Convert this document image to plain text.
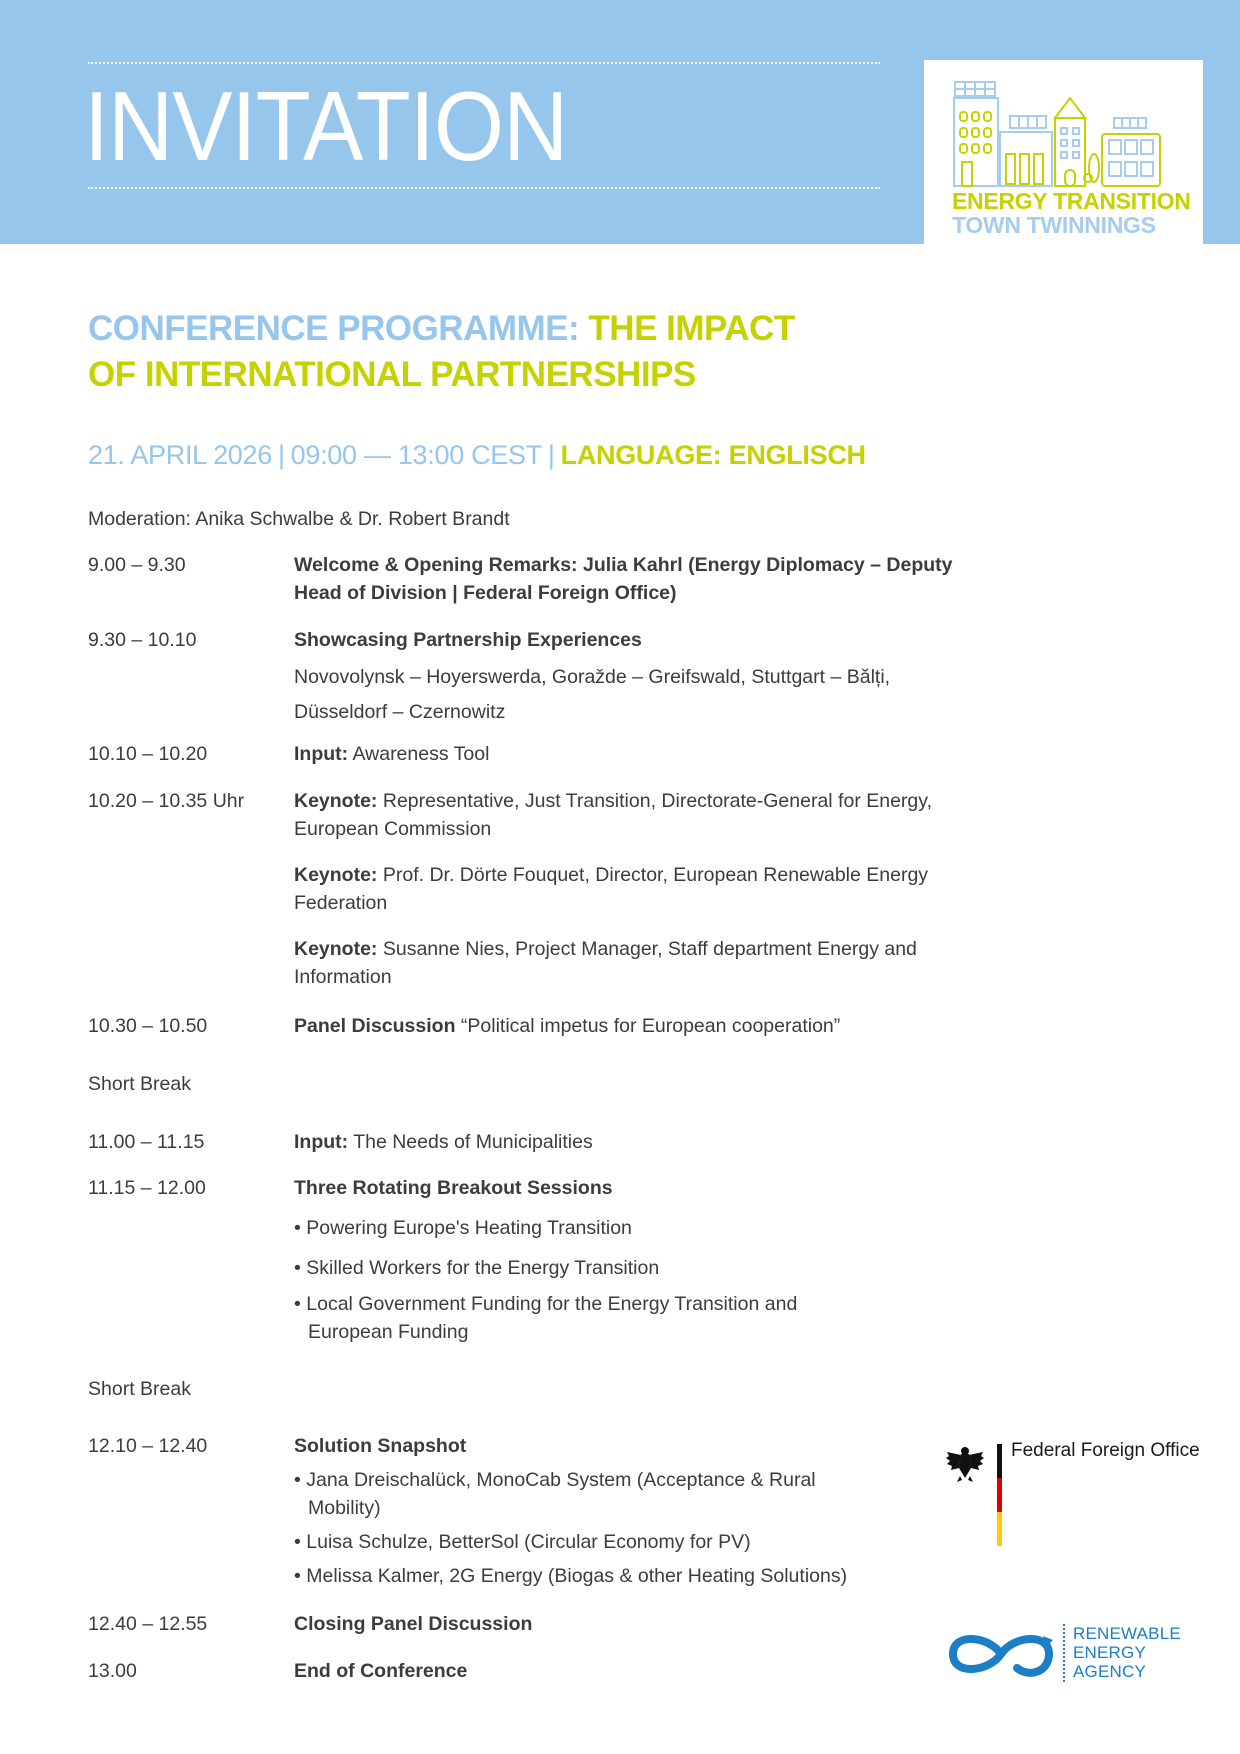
INVITATION
ENERGY TRANSITION
TOWN TWINNINGS
CONFERENCE PROGRAMME: THE IMPACT
OF INTERNATIONAL PARTNERSHIPS
21. APRIL 2026 | 09:00 — 13:00 CEST | LANGUAGE: ENGLISCH
Moderation: Anika Schwalbe & Dr. Robert Brandt
9.00 – 9.30	Welcome & Opening Remarks: Julia Kahrl (Energy Diplomacy – Deputy Head of Division | Federal Foreign Office)
9.30 – 10.10	Showcasing Partnership Experiences
Novovolynsk – Hoyerswerda, Goražde – Greifswald, Stuttgart – Bălți, Düsseldorf – Czernowitz
10.10 – 10.20	Input: Awareness Tool
10.20 – 10.35 Uhr	Keynote: Representative, Just Transition, Directorate-General for Energy, European Commission
Keynote: Prof. Dr. Dörte Fouquet, Director, European Renewable Energy Federation
Keynote: Susanne Nies, Project Manager, Staff department Energy and Information
10.30 – 10.50	Panel Discussion “Political impetus for European cooperation”
Short Break
11.00 – 11.15	Input: The Needs of Municipalities
11.15 – 12.00	Three Rotating Breakout Sessions
• Powering Europe's Heating Transition
• Skilled Workers for the Energy Transition
• Local Government Funding for the Energy Transition and European Funding
Short Break
12.10 – 12.40	Solution Snapshot
• Jana Dreischalück, MonoCab System (Acceptance & Rural Mobility)
• Luisa Schulze, BetterSol (Circular Economy for PV)
• Melissa Kalmer, 2G Energy (Biogas & other Heating Solutions)
12.40 – 12.55	Closing Panel Discussion
13.00	End of Conference
Federal Foreign Office
RENEWABLE
ENERGY
AGENCY
